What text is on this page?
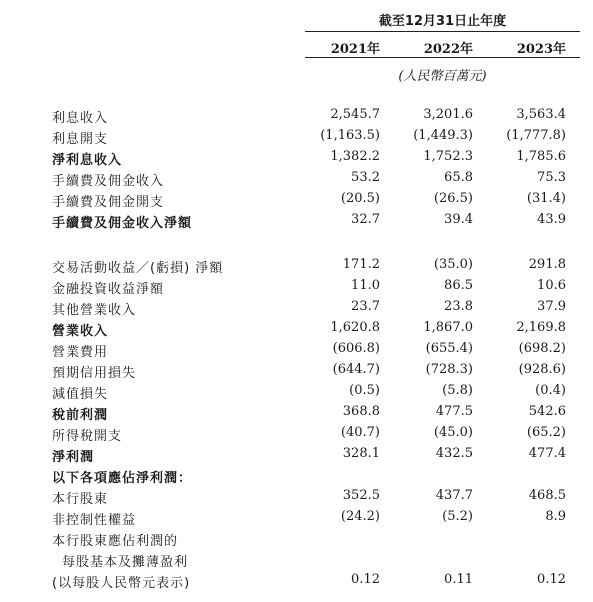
截至12月31日止年度
2021年	2022年	2023年
(人民幣百萬元)
利息收入	2,545.7	3,201.6	3,563.4
利息開支	(1,163.5)	(1,449.3)	(1,777.8)
淨利息收入	1,382.2	1,752.3	1,785.6
手續費及佣金收入	53.2	65.8	75.3
手續費及佣金開支	(20.5)	(26.5)	(31.4)
手續費及佣金收入淨額	32.7	39.4	43.9
交易活動收益／(虧損) 淨額	171.2	(35.0)	291.8
金融投資收益淨額	11.0	86.5	10.6
其他營業收入	23.7	23.8	37.9
營業收入	1,620.8	1,867.0	2,169.8
營業費用	(606.8)	(655.4)	(698.2)
預期信用損失	(644.7)	(728.3)	(928.6)
減值損失	(0.5)	(5.8)	(0.4)
稅前利潤	368.8	477.5	542.6
所得稅開支	(40.7)	(45.0)	(65.2)
淨利潤	328.1	432.5	477.4
以下各項應佔淨利潤：
本行股東	352.5	437.7	468.5
非控制性權益	(24.2)	(5.2)	8.9
本行股東應佔利潤的
每股基本及攤薄盈利
(以每股人民幣元表示)	0.12	0.11	0.12
